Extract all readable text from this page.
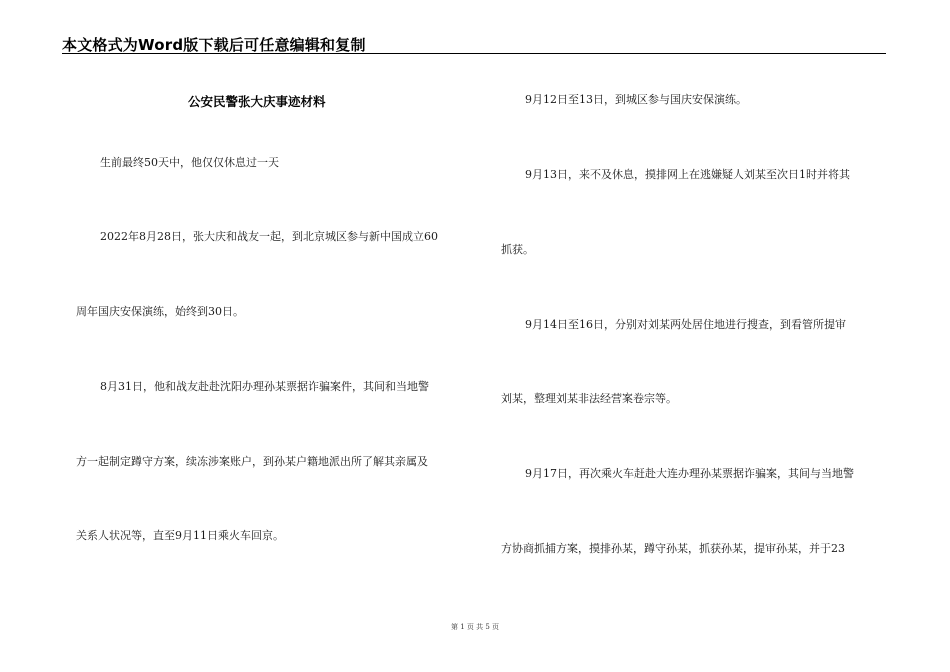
本文格式为Word版下载后可任意编辑和复制
公安民警张大庆事迹材料
生前最终50天中，他仅仅休息过一天
2022年8月28日，张大庆和战友一起，到北京城区参与新中国成立60
周年国庆安保演练，始终到30日。
8月31日，他和战友赴赴沈阳办理孙某票据诈骗案件，其间和当地警
方一起制定蹲守方案，续冻涉案账户，到孙某户籍地派出所了解其亲属及
关系人状况等，直至9月11日乘火车回京。
9月12日至13日，到城区参与国庆安保演练。
9月13日，来不及休息，摸排网上在逃嫌疑人刘某至次日1时并将其
抓获。
9月14日至16日，分别对刘某两处居住地进行搜查，到看管所提审
刘某，整理刘某非法经营案卷宗等。
9月17日，再次乘火车赶赴大连办理孙某票据诈骗案，其间与当地警
方协商抓捕方案，摸排孙某，蹲守孙某，抓获孙某，提审孙某，并于23
第 1 页 共 5 页
